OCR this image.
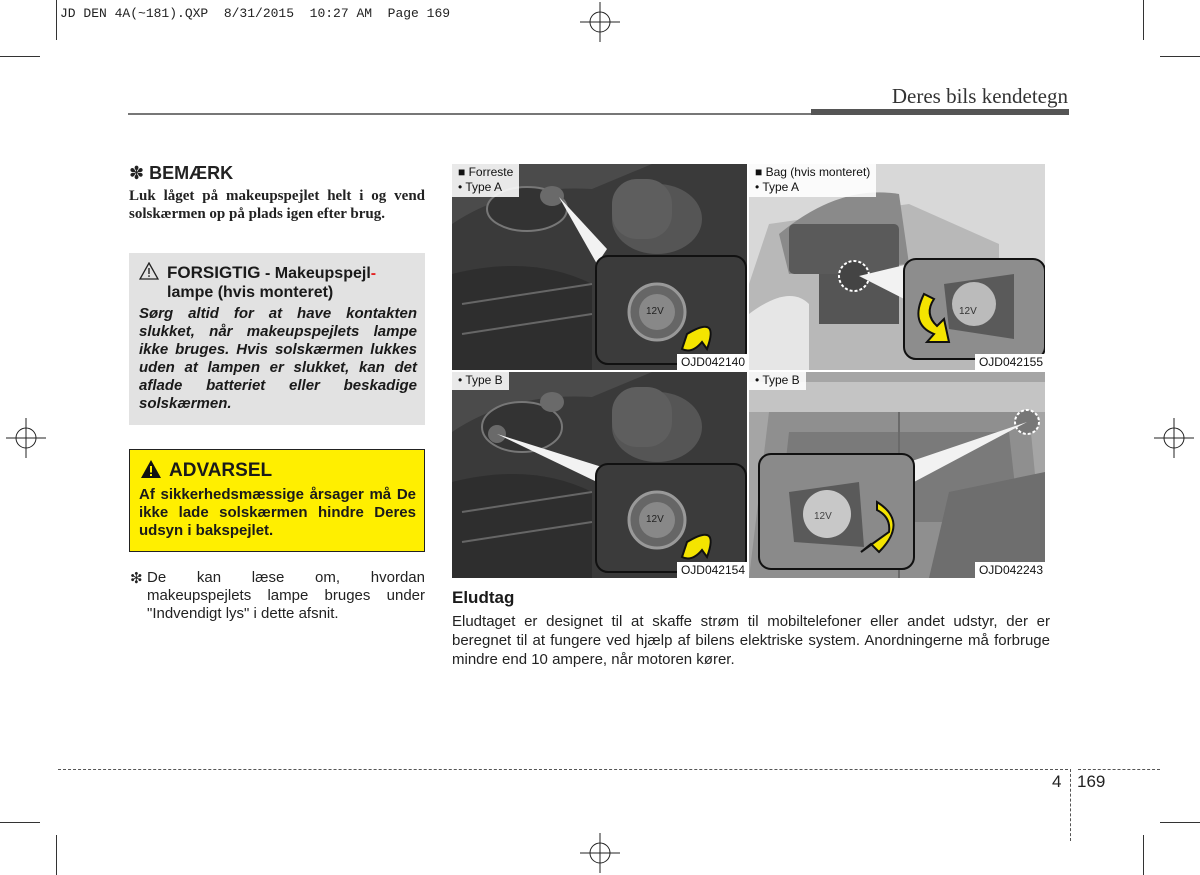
JD DEN 4A(~181).QXP  8/31/2015  10:27 AM  Page 169
Deres bils kendetegn
✽ BEMÆRK
Luk låget på makeupspejlet helt i og vend solskærmen op på plads igen efter brug.
FORSIGTIG - Makeupspejl-
lampe (hvis monteret)
Sørg altid for at have kontakten slukket, når makeupspejlets lampe ikke bruges. Hvis solskærmen lukkes uden at lampen er slukket, kan det aflade batteriet eller beskadige solskærmen.
ADVARSEL
Af sikkerhedsmæssige årsager må De ikke lade solskærmen hindre Deres udsyn i bakspejlet.
❇ De kan læse om, hvordan makeupspejlets lampe bruges under "Indvendigt lys" i dette afsnit.
12V
■ Forreste
• Type A
OJD042140
12V
■ Bag (hvis monteret)
• Type A
OJD042155
12V
• Type B
OJD042154
12V
• Type B
OJD042243
Eludtag
Eludtaget er designet til at skaffe strøm til mobiltelefoner eller andet udstyr, der er beregnet til at fungere ved hjælp af bilens elektriske system. Anordningerne må forbruge mindre end 10 ampere, når motoren kører.
4 169
